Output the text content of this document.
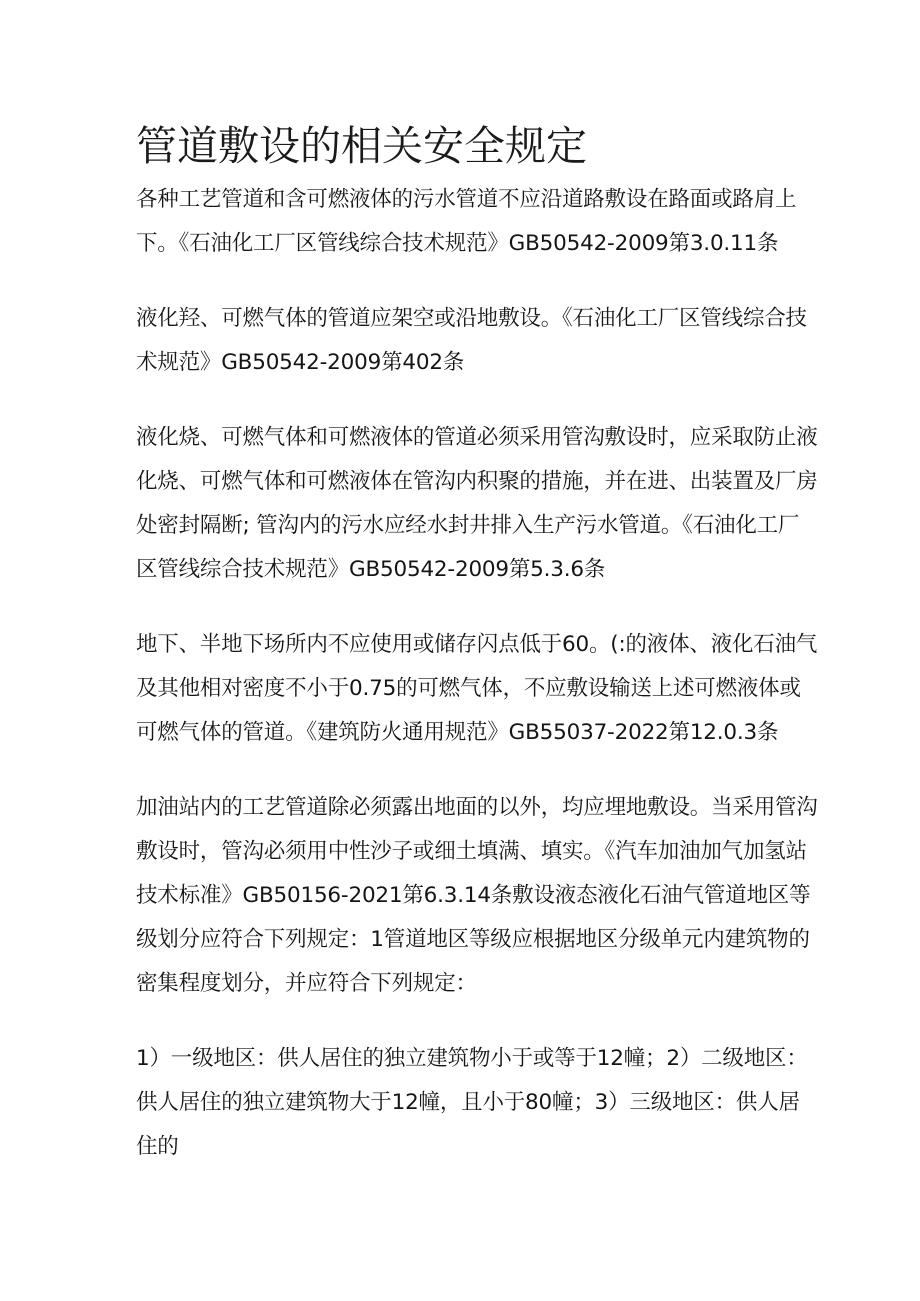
管道敷设的相关安全规定

各种工艺管道和含可燃液体的污水管道不应沿道路敷设在路面或路肩上下。《石油化工厂区管线综合技术规范》GB50542-2009第3.0.11条

液化羟、可燃气体的管道应架空或沿地敷设。《石油化工厂区管线综合技术规范》GB50542-2009第402条

液化烧、可燃气体和可燃液体的管道必须采用管沟敷设时，应采取防止液化烧、可燃气体和可燃液体在管沟内积聚的措施，并在进、出装置及厂房处密封隔断; 管沟内的污水应经水封井排入生产污水管道。《石油化工厂区管线综合技术规范》GB50542-2009第5.3.6条

地下、半地下场所内不应使用或储存闪点低于60。(:的液体、液化石油气及其他相对密度不小于0.75的可燃气体，不应敷设输送上述可燃液体或可燃气体的管道。《建筑防火通用规范》GB55037-2022第12.0.3条

加油站内的工艺管道除必须露出地面的以外，均应埋地敷设。当采用管沟敷设时，管沟必须用中性沙子或细土填满、填实。《汽车加油加气加氢站技术标准》GB50156-2021第6.3.14条敷设液态液化石油气管道地区等级划分应符合下列规定：1管道地区等级应根据地区分级单元内建筑物的密集程度划分，并应符合下列规定：

1）一级地区：供人居住的独立建筑物小于或等于12幢；2）二级地区：供人居住的独立建筑物大于12幢，且小于80幢；3）三级地区：供人居住的
